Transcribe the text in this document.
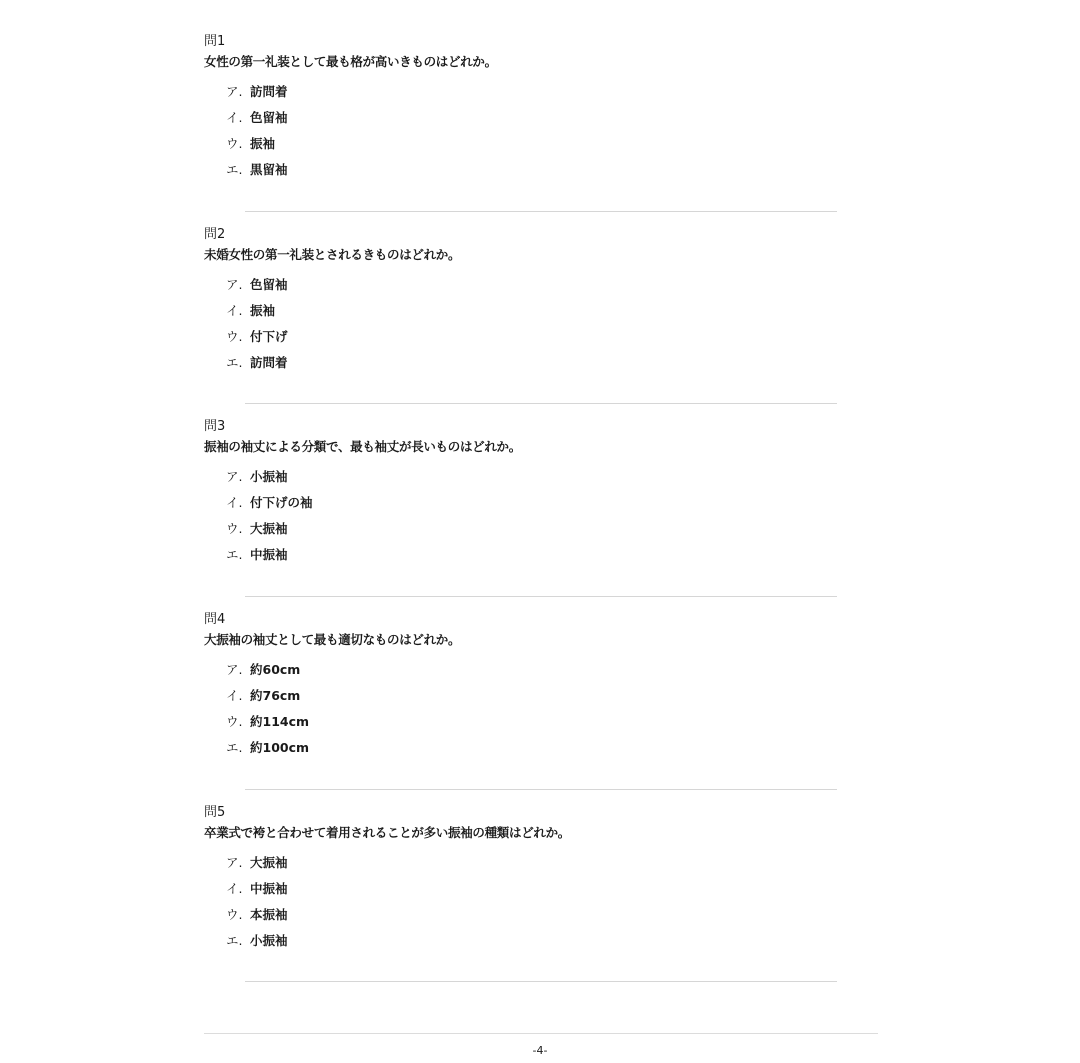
問1

女性の第一礼装として最も格が高いきものはどれか。

ア. 訪問着
イ. 色留袖
ウ. 振袖
エ. 黒留袖

問2

未婚女性の第一礼装とされるきものはどれか。

ア. 色留袖
イ. 振袖
ウ. 付下げ
エ. 訪問着

問3

振袖の袖丈による分類で、最も袖丈が長いものはどれか。

ア. 小振袖
イ. 付下げの袖
ウ. 大振袖
エ. 中振袖

問4

大振袖の袖丈として最も適切なものはどれか。

ア. 約60cm
イ. 約76cm
ウ. 約114cm
エ. 約100cm

問5

卒業式で袴と合わせて着用されることが多い振袖の種類はどれか。

ア. 大振袖
イ. 中振袖
ウ. 本振袖
エ. 小振袖
-4-
